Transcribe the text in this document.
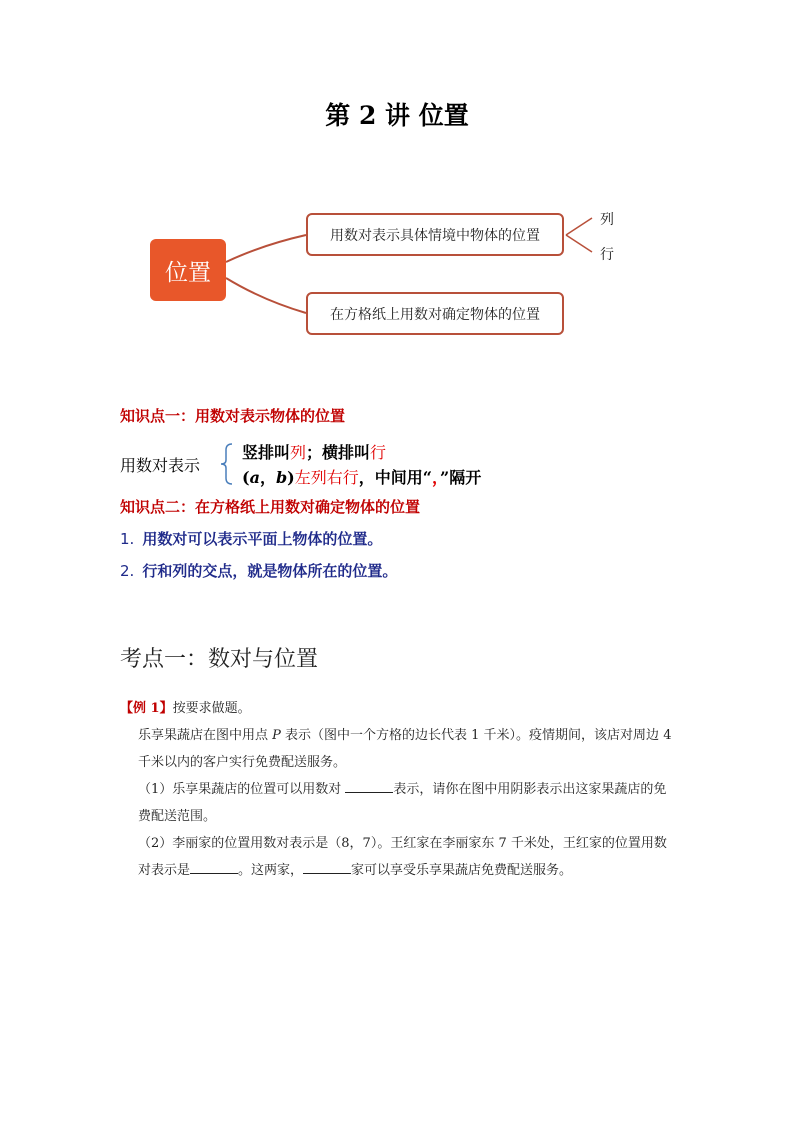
第 2 讲 位置
位置
用数对表示具体情境中物体的位置
在方格纸上用数对确定物体的位置
列
行
知识点一：用数对表示物体的位置
用数对表示
竖排叫列；横排叫行
(a，b)左列右行，中间用“，”隔开
知识点二：在方格纸上用数对确定物体的位置
1. 用数对可以表示平面上物体的位置。
2. 行和列的交点，就是物体所在的位置。
考点一：数对与位置
【例 1】按要求做题。
乐享果蔬店在图中用点 P 表示（图中一个方格的边长代表 1 千米）。疫情期间，该店对周边 4 千米以内的客户实行免费配送服务。
（1）乐享果蔬店的位置可以用数对	表示，请你在图中用阴影表示出这家果蔬店的免费配送范围。
（2）李丽家的位置用数对表示是（8，7）。王红家在李丽家东 7 千米处，王红家的位置用数对表示是	。这两家，	家可以享受乐享果蔬店免费配送服务。
